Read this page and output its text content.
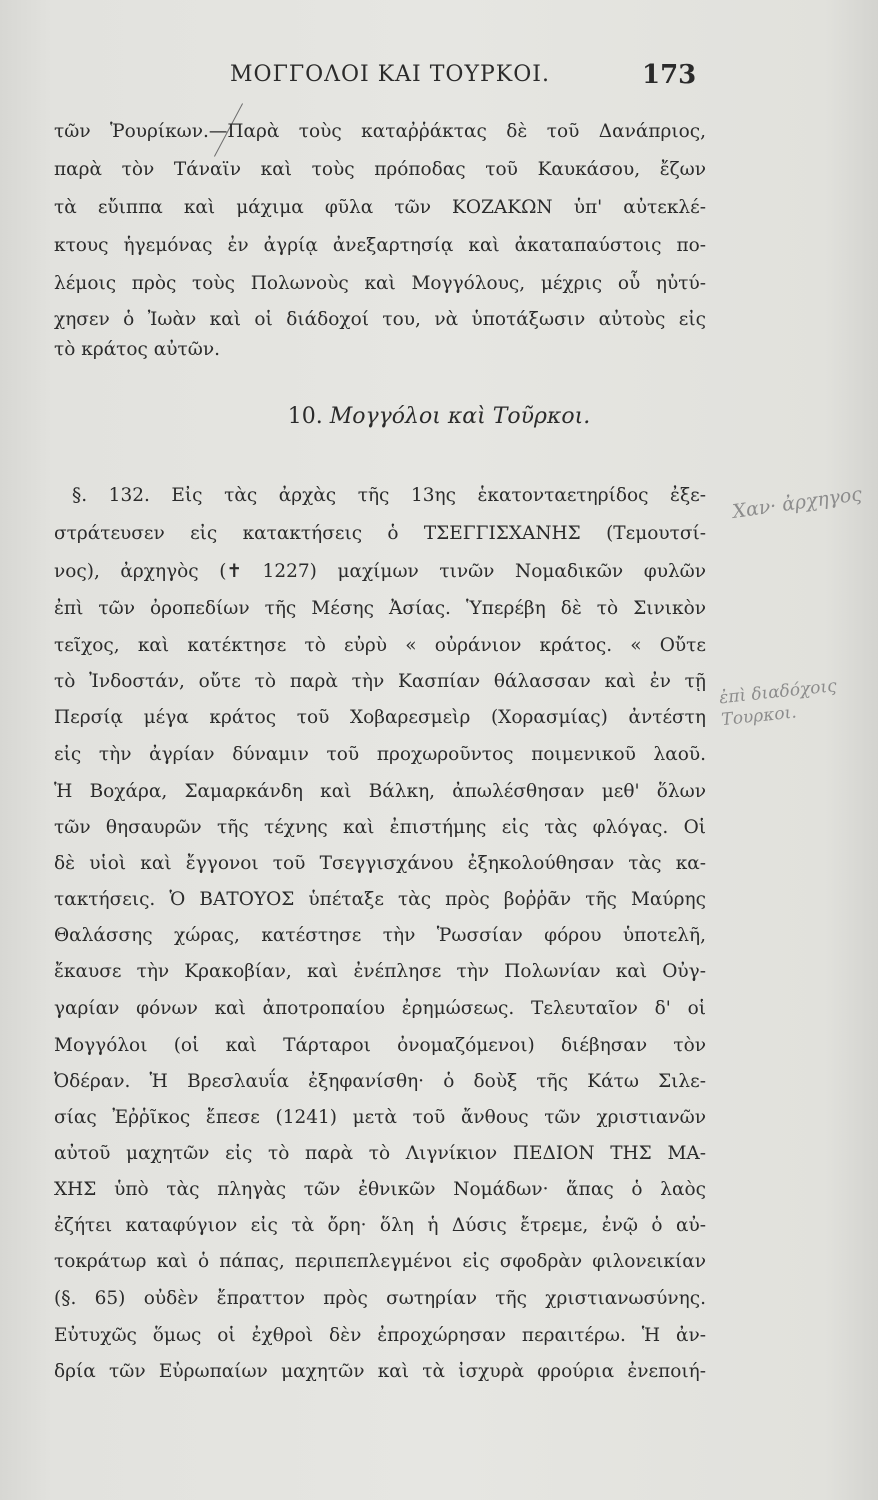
ΜΟΓΓΟΛΟΙ ΚΑΙ ΤΟΥΡΚΟΙ.	173
τῶν Ῥουρίκων.—Παρὰ τοὺς καταῤῥάκτας δὲ τοῦ Δανάπριος,
παρὰ τὸν Τάναϊν καὶ τοὺς πρόποδας τοῦ Καυκάσου, ἔζων
τὰ εὔιππα καὶ μάχιμα φῦλα τῶν ΚΟΖΑΚΩΝ ὑπ' αὐτεκλέ-
κτους ἡγεμόνας ἐν ἀγρίᾳ ἀνεξαρτησίᾳ καὶ ἀκαταπαύστοις πο-
λέμοις πρὸς τοὺς Πολωνοὺς καὶ Μογγόλους, μέχρις οὗ ηὐτύ-
χησεν ὁ Ἰωὰν καὶ οἱ διάδοχοί του, νὰ ὑποτάξωσιν αὐτοὺς εἰς
τὸ κράτος αὐτῶν.
10. Μογγόλοι καὶ Τοῦρκοι.
§. 132. Εἰς τὰς ἀρχὰς τῆς 13ης ἑκατονταετηρίδος ἐξε-
στράτευσεν εἰς κατακτήσεις ὁ ΤΣΕΓΓΙΣΧΑΝΗΣ (Τεμουτσί-
νος), ἀρχηγὸς (✝ 1227) μαχίμων τινῶν Νομαδικῶν φυλῶν
ἐπὶ τῶν ὀροπεδίων τῆς Μέσης Ἀσίας. Ὑπερέβη δὲ τὸ Σινικὸν
τεῖχος, καὶ κατέκτησε τὸ εὐρὺ « οὐράνιον κράτος. « Οὔτε
τὸ Ἰνδοστάν, οὔτε τὸ παρὰ τὴν Κασπίαν θάλασσαν καὶ ἐν τῇ
Περσίᾳ μέγα κράτος τοῦ Χοβαρεσμεὶρ (Χορασμίας) ἀντέστη
εἰς τὴν ἀγρίαν δύναμιν τοῦ προχωροῦντος ποιμενικοῦ λαοῦ.
Ἡ Βοχάρα, Σαμαρκάνδη καὶ Βάλκη, ἀπωλέσθησαν μεθ' ὅλων
τῶν θησαυρῶν τῆς τέχνης καὶ ἐπιστήμης εἰς τὰς φλόγας. Οἱ
δὲ υἱοὶ καὶ ἔγγονοι τοῦ Τσεγγισχάνου ἐξηκολούθησαν τὰς κα-
τακτήσεις. Ὁ ΒΑΤΟΥΟΣ ὑπέταξε τὰς πρὸς βοῤῥᾶν τῆς Μαύρης
Θαλάσσης χώρας, κατέστησε τὴν Ῥωσσίαν φόρου ὑποτελῆ,
ἔκαυσε τὴν Κρακοβίαν, καὶ ἐνέπλησε τὴν Πολωνίαν καὶ Οὐγ-
γαρίαν φόνων καὶ ἀποτροπαίου ἐρημώσεως. Τελευταῖον δ' οἱ
Μογγόλοι (οἱ καὶ Τάρταροι ὀνομαζόμενοι) διέβησαν τὸν
Ὀδέραν. Ἡ Βρεσλαυΐα ἐξηφανίσθη· ὁ δοὺξ τῆς Κάτω Σιλε-
σίας Ἐῤῥῖκος ἔπεσε (1241) μετὰ τοῦ ἄνθους τῶν χριστιανῶν
αὐτοῦ μαχητῶν εἰς τὸ παρὰ τὸ Λιγνίκιον ΠΕΔΙΟΝ ΤΗΣ ΜΑ-
ΧΗΣ ὑπὸ τὰς πληγὰς τῶν ἐθνικῶν Νομάδων· ἅπας ὁ λαὸς
ἐζήτει καταφύγιον εἰς τὰ ὄρη· ὅλη ἡ Δύσις ἔτρεμε, ἐνῷ ὁ αὐ-
τοκράτωρ καὶ ὁ πάπας, περιπεπλεγμένοι εἰς σφοδρὰν φιλονεικίαν
(§. 65) οὐδὲν ἔπραττον πρὸς σωτηρίαν τῆς χριστιανωσύνης.
Εὐτυχῶς ὅμως οἱ ἐχθροὶ δὲν ἐπροχώρησαν περαιτέρω. Ἡ ἀν-
δρία τῶν Εὐρωπαίων μαχητῶν καὶ τὰ ἰσχυρὰ φρούρια ἐνεποιή-
Χαν· ἀρχηγος
ἐπὶ διαδόχοις Τουρκοι.
